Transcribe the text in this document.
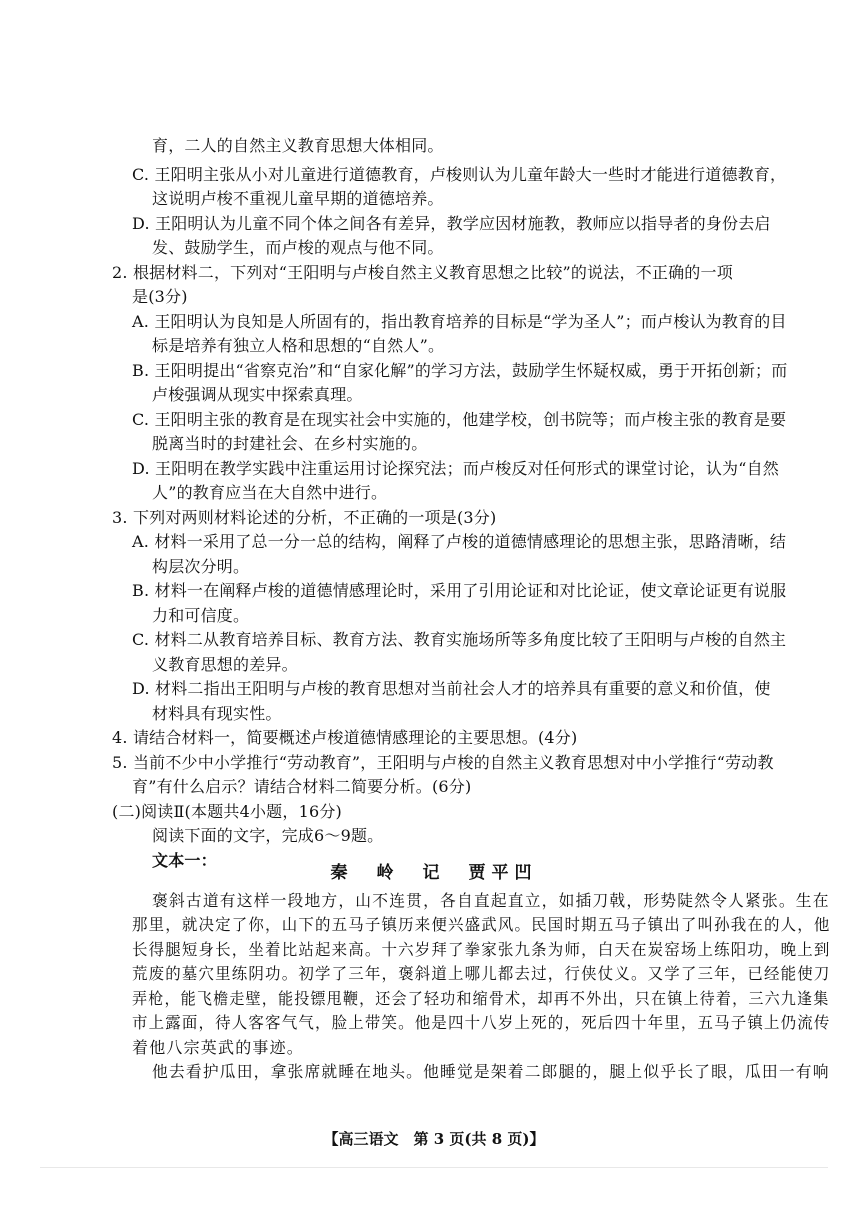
育，二人的自然主义教育思想大体相同。
C. 王阳明主张从小对儿童进行道德教育，卢梭则认为儿童年龄大一些时才能进行道德教育，
这说明卢梭不重视儿童早期的道德培养。
D. 王阳明认为儿童不同个体之间各有差异，教学应因材施教，教师应以指导者的身份去启
发、鼓励学生，而卢梭的观点与他不同。
2. 根据材料二，下列对“王阳明与卢梭自然主义教育思想之比较”的说法，不正确的一项
是(3分)
A. 王阳明认为良知是人所固有的，指出教育培养的目标是“学为圣人”；而卢梭认为教育的目
标是培养有独立人格和思想的“自然人”。
B. 王阳明提出“省察克治”和“自家化解”的学习方法，鼓励学生怀疑权威，勇于开拓创新；而
卢梭强调从现实中探索真理。
C. 王阳明主张的教育是在现实社会中实施的，他建学校，创书院等；而卢梭主张的教育是要
脱离当时的封建社会、在乡村实施的。
D. 王阳明在教学实践中注重运用讨论探究法；而卢梭反对任何形式的课堂讨论，认为“自然
人”的教育应当在大自然中进行。
3. 下列对两则材料论述的分析，不正确的一项是(3分)
A. 材料一采用了总一分一总的结构，阐释了卢梭的道德情感理论的思想主张，思路清晰，结
构层次分明。
B. 材料一在阐释卢梭的道德情感理论时，采用了引用论证和对比论证，使文章论证更有说服
力和可信度。
C. 材料二从教育培养目标、教育方法、教育实施场所等多角度比较了王阳明与卢梭的自然主
义教育思想的差异。
D. 材料二指出王阳明与卢梭的教育思想对当前社会人才的培养具有重要的意义和价值，使
材料具有现实性。
4. 请结合材料一，简要概述卢梭道德情感理论的主要思想。(4分)
5. 当前不少中小学推行“劳动教育”，王阳明与卢梭的自然主义教育思想对中小学推行“劳动教
育”有什么启示？请结合材料二简要分析。(6分)
(二)阅读Ⅱ(本题共4小题，16分)
阅读下面的文字，完成6～9题。
文本一：
秦　岭　记　贾平凹
褒斜古道有这样一段地方，山不连贯，各自直起直立，如插刀戟，形势陡然令人紧张。生在
那里，就决定了你，山下的五马子镇历来便兴盛武风。民国时期五马子镇出了叫孙我在的人，他
长得腿短身长，坐着比站起来高。十六岁拜了拳家张九条为师，白天在炭窑场上练阳功，晚上到
荒废的墓穴里练阴功。初学了三年，褒斜道上哪儿都去过，行侠仗义。又学了三年，已经能使刀
弄枪，能飞檐走壁，能投镖甩鞭，还会了轻功和缩骨术，却再不外出，只在镇上待着，三六九逢集
市上露面，待人客客气气，脸上带笑。他是四十八岁上死的，死后四十年里，五马子镇上仍流传
着他八宗英武的事迹。
他去看护瓜田，拿张席就睡在地头。他睡觉是架着二郎腿的，腿上似乎长了眼，瓜田一有响
【高三语文　第 3 页(共 8 页)】
